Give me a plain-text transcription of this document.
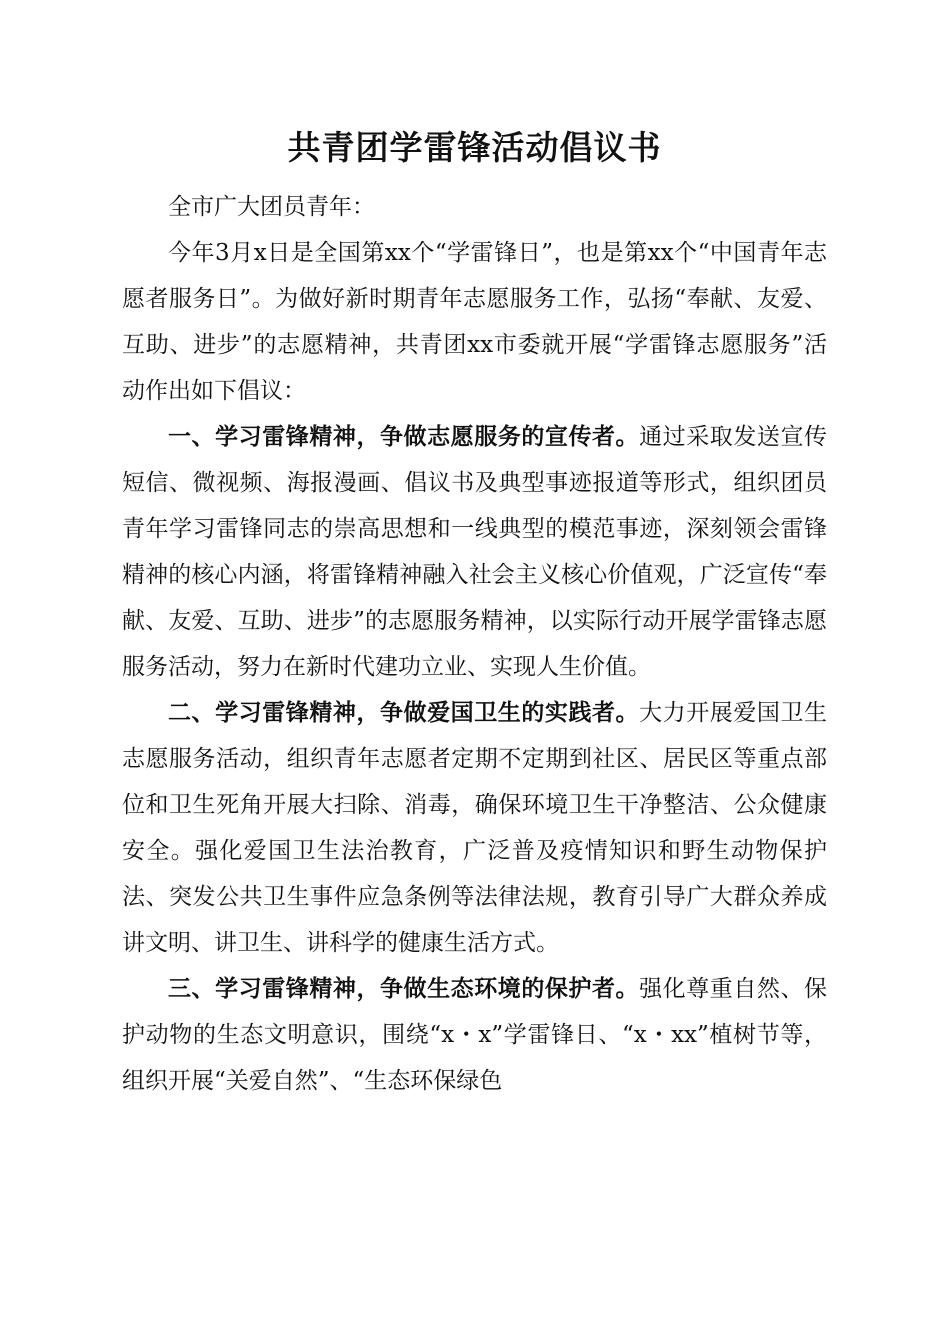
共青团学雷锋活动倡议书

全市广大团员青年：

今年3月x日是全国第xx个“学雷锋日”，也是第xx个“中国青年志愿者服务日”。为做好新时期青年志愿服务工作，弘扬“奉献、友爱、互助、进步”的志愿精神，共青团xx市委就开展“学雷锋志愿服务”活动作出如下倡议：

一、学习雷锋精神，争做志愿服务的宣传者。通过采取发送宣传短信、微视频、海报漫画、倡议书及典型事迹报道等形式，组织团员青年学习雷锋同志的崇高思想和一线典型的模范事迹，深刻领会雷锋精神的核心内涵，将雷锋精神融入社会主义核心价值观，广泛宣传“奉献、友爱、互助、进步”的志愿服务精神，以实际行动开展学雷锋志愿服务活动，努力在新时代建功立业、实现人生价值。

二、学习雷锋精神，争做爱国卫生的实践者。大力开展爱国卫生志愿服务活动，组织青年志愿者定期不定期到社区、居民区等重点部位和卫生死角开展大扫除、消毒，确保环境卫生干净整洁、公众健康安全。强化爱国卫生法治教育，广泛普及疫情知识和野生动物保护法、突发公共卫生事件应急条例等法律法规，教育引导广大群众养成讲文明、讲卫生、讲科学的健康生活方式。

三、学习雷锋精神，争做生态环境的保护者。强化尊重自然、保护动物的生态文明意识，围绕“x・x”学雷锋日、“x・xx”植树节等，组织开展“关爱自然”、“生态环保绿色
